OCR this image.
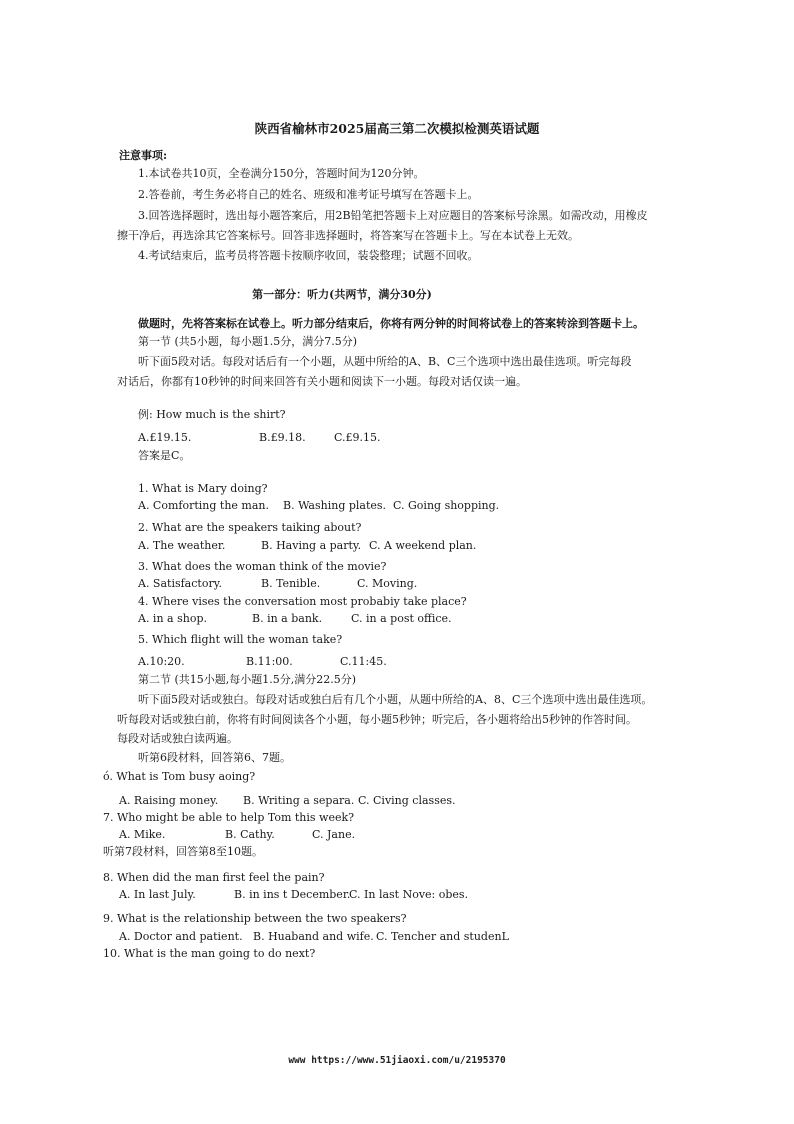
陕西省榆林市2025届高三第二次模拟检测英语试题
注意事项:
1.本试卷共10页，全卷满分150分，答题时间为120分钟。
2.答卷前，考生务必将自己的姓名、班级和准考证号填写在答题卡上。
3.回答选择题时，选出每小题答案后，用2B铅笔把答题卡上对应题目的答案标号涂黑。如需改动，用橡皮
擦干净后，再选涂其它答案标号。回答非选择题时，将答案写在答题卡上。写在本试卷上无效。
4.考试结束后，监考员将答题卡按顺序收回，装袋整理；试题不回收。
第一部分：听力(共两节，满分30分)
做题时，先将答案标在试卷上。听力部分结束后，你将有两分钟的时间将试卷上的答案转涂到答题卡上。
第一节 (共5小题，每小题1.5分，满分7.5分)
听下面5段对话。每段对话后有一个小题，从题中所给的A、B、C三个选项中选出最佳选项。听完每段
对话后，你都有10秒钟的时间来回答有关小题和阅读下一小题。每段对话仅读一遍。
例: How much is the shirt?
A.£19.15.	B.£9.18.	C.£9.15.
答案是C。
1. What is Mary doing?
A. Comforting the man. B. Washing plates. C. Going shopping.
2. What are the speakers taiking about?
A. The weather.	B. Having a party. C. A weekend plan.
3. What does the woman think of the movie?
A. Satisfactory.	B. Tenible.	C. Moving.
4. Where vises the conversation most probabiy take place?
A. in a shop.	B. in a bank.	C. in a post office.
5. Which flight will the woman take?
A.10:20.	B.11:00.	C.11:45.
第二节 (共15小题,每小题1.5分,满分22.5分)
听下面5段对话或独白。每段对话或独白后有几个小题，从题中所给的A、8、C三个选项中选出最佳选项。
听每段对话或独白前，你将有时间阅读各个小题，每小题5秒钟；听完后，各小题将给出5秒钟的作答时间。
每段对话或独白读两遍。
听第6段材料，回答第6、7题。
ó. What is Tom busy aoing?
A. Raising money. B. Writing a separa. C. Civing classes.
7. Who might be able to help Tom this week?
A. Mike.	B. Cathy.	C. Jane.
听第7段材料，回答第8至10题。
8. When did the man first feel the pain?
A. In last July.	B. in ins t December.
C. In last Nove: obes.
9. What is the relationship between the two speakers?
A. Doctor and patient. B. Huaband and wife. C. Tencher and studenL
10. What is the man going to do next?
www https://www.51jiaoxi.com/u/2195370
